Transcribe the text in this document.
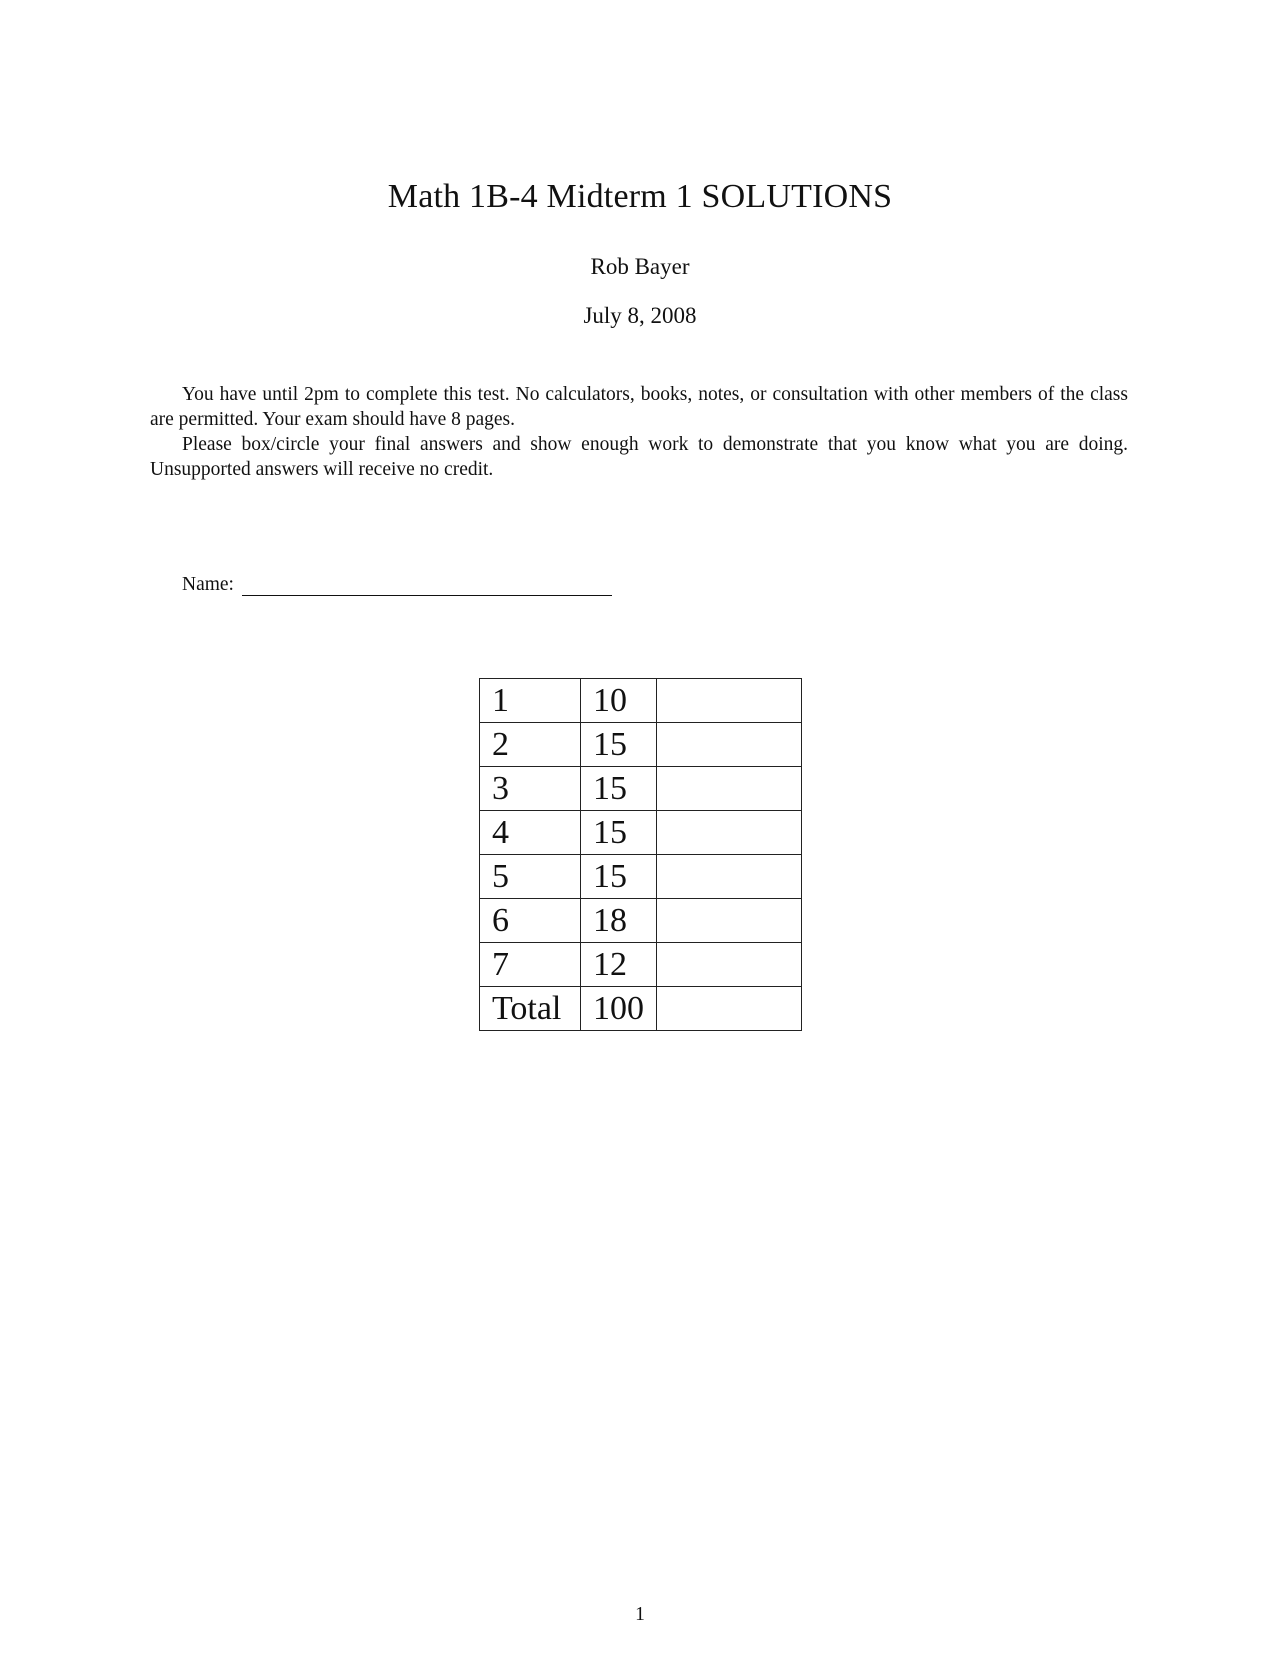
Math 1B-4 Midterm 1 SOLUTIONS
Rob Bayer
July 8, 2008

You have until 2pm to complete this test. No calculators, books, notes, or consultation with other members of the class are permitted. Your exam should have 8 pages.

Please box/circle your final answers and show enough work to demonstrate that you know what you are doing. Unsupported answers will receive no credit.

Name:
1	10	
2	15	
3	15	
4	15	
5	15	
6	18	
7	12	
Total	100	
1
